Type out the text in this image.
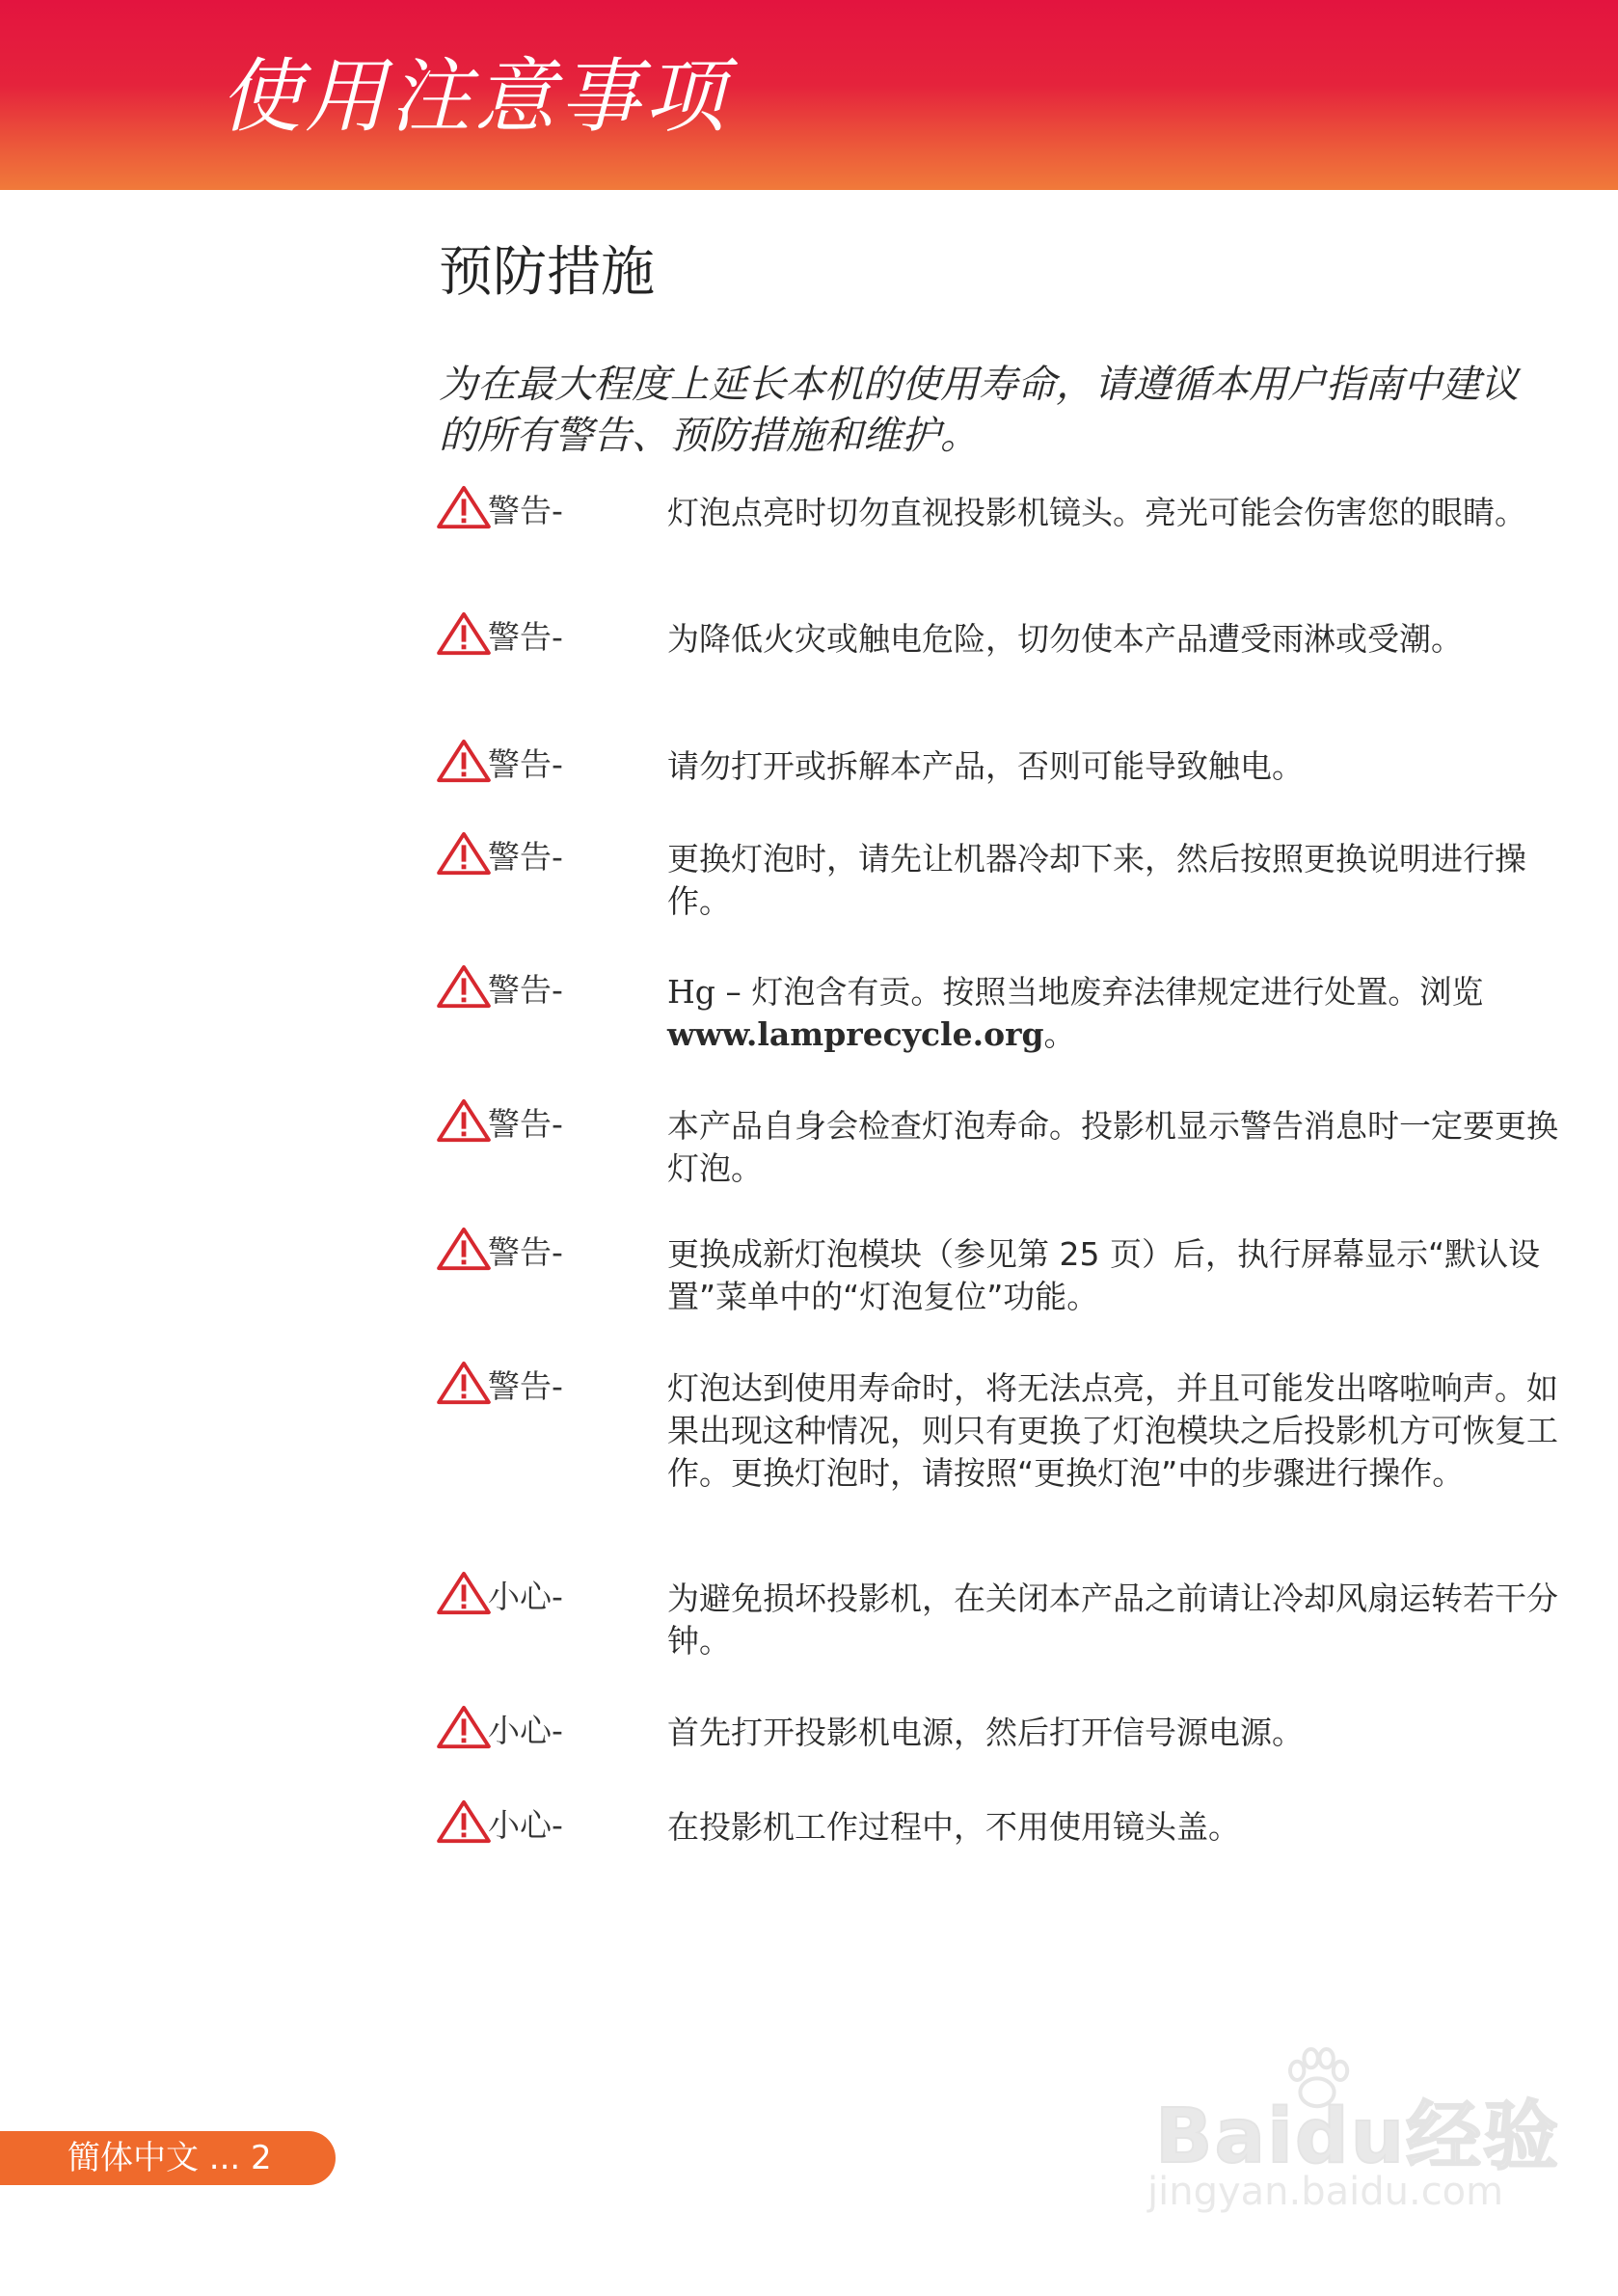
使用注意事项
预防措施
为在最大程度上延长本机的使用寿命，请遵循本用户指南中建议的所有警告、预防措施和维护。
警告-	灯泡点亮时切勿直视投影机镜头。亮光可能会伤害您的眼睛。
警告-	为降低火灾或触电危险，切勿使本产品遭受雨淋或受潮。
警告-	请勿打开或拆解本产品，否则可能导致触电。
警告-	更换灯泡时，请先让机器冷却下来，然后按照更换说明进行操作。
警告-	Hg – 灯泡含有贡。按照当地废弃法律规定进行处置。浏览 www.lamprecycle.org。
警告-	本产品自身会检查灯泡寿命。投影机显示警告消息时一定要更换灯泡。
警告-	更换成新灯泡模块（参见第 25 页）后，执行屏幕显示“默认设置”菜单中的“灯泡复位”功能。
警告-	灯泡达到使用寿命时，将无法点亮，并且可能发出喀啦响声。如果出现这种情况，则只有更换了灯泡模块之后投影机方可恢复工作。更换灯泡时，请按照“更换灯泡”中的步骤进行操作。
小心-	为避免损坏投影机，在关闭本产品之前请让冷却风扇运转若干分钟。
小心-	首先打开投影机电源，然后打开信号源电源。
小心-	在投影机工作过程中，不用使用镜头盖。
簡体中文 ... 2	Baidu经验
jingyan.baidu.com
